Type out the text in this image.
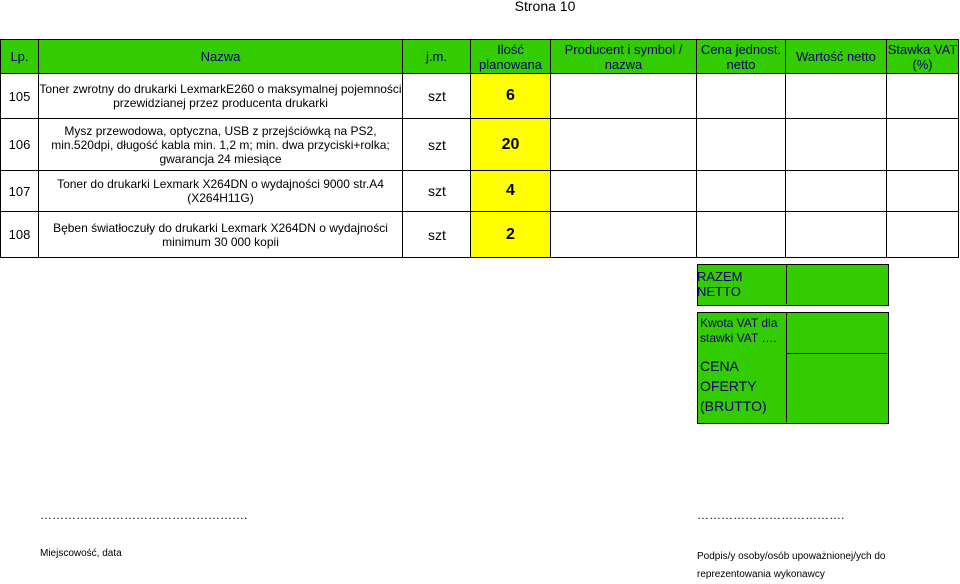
Strona 10
Lp.	Nazwa	j.m.	Ilość planowana	Producent i symbol / nazwa	Cena jednost. netto	Wartość netto	Stawka VAT (%)
105	Toner zwrotny do drukarki LexmarkE260 o maksymalnej pojemności przewidzianej przez producenta drukarki	szt	6				
106	Mysz przewodowa, optyczna, USB z przejściówką na PS2, min.520dpi, długość kabla min. 1,2 m; min. dwa przyciski+rolka; gwarancja 24 miesiące	szt	20				
107	Toner do drukarki Lexmark X264DN o wydajności 9000 str.A4 (X264H11G)	szt	4				
108	Bęben światłoczuły do drukarki Lexmark X264DN o wydajności minimum 30 000 kopii	szt	2				
RAZEM NETTO
Kwota VAT dla stawki VAT ….
CENA OFERTY (BRUTTO)
…………………………………………….	……………………………….
Miejscowość, data	Podpis/y osoby/osób upoważnionej/ych do reprezentowania wykonawcy
